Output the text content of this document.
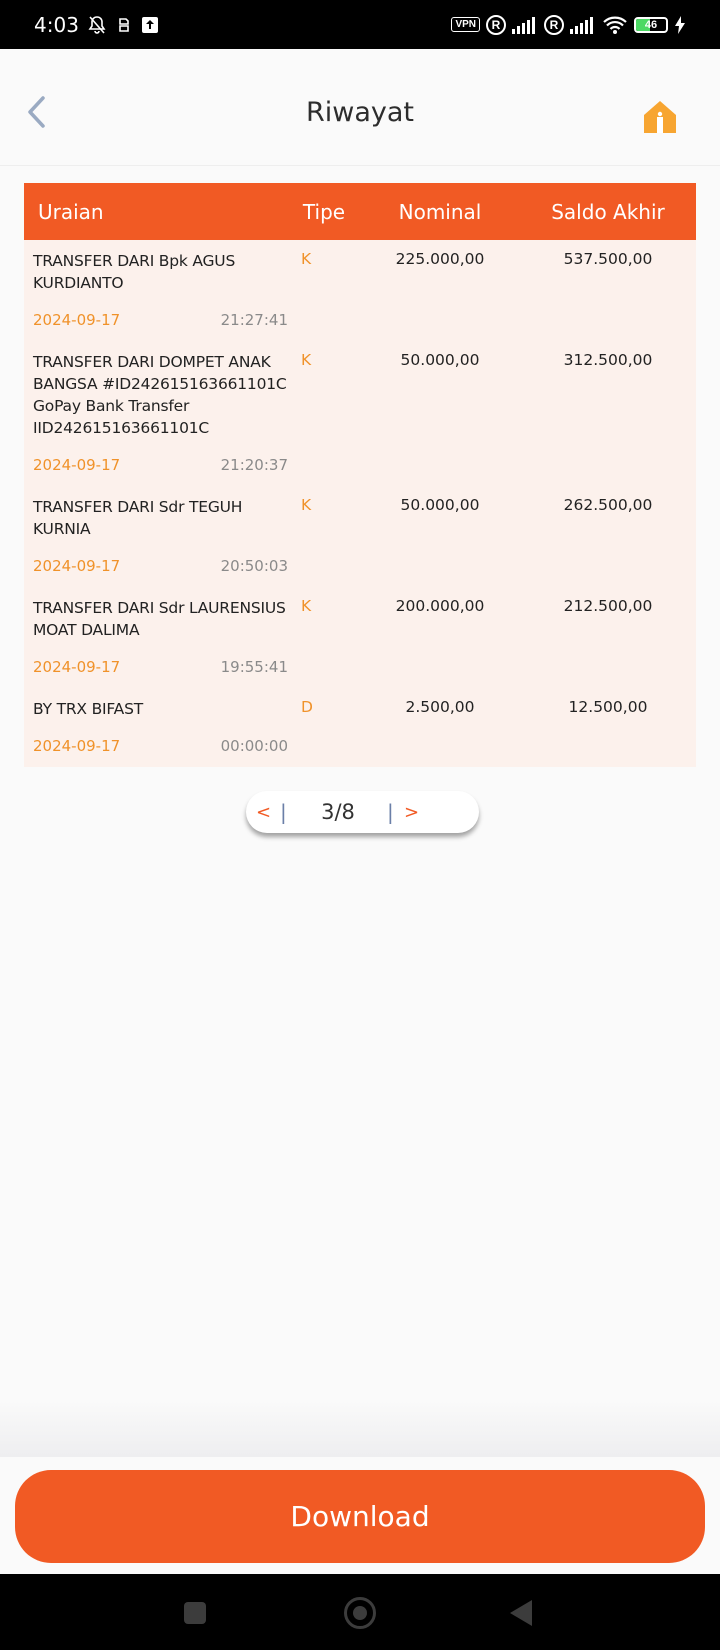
4:03	VPN	R	R	46
Riwayat
Uraian	Tipe	Nominal	Saldo Akhir
TRANSFER DARI Bpk AGUS KURDIANTO
2024-09-17	21:27:41
K	225.000,00	537.500,00
TRANSFER DARI DOMPET ANAK BANGSA #ID242615163661101C GoPay Bank Transfer IID242615163661101C
2024-09-17	21:20:37
K	50.000,00	312.500,00
TRANSFER DARI Sdr TEGUH KURNIA
2024-09-17	20:50:03
K	50.000,00	262.500,00
TRANSFER DARI Sdr LAURENSIUS MOAT DALIMA
2024-09-17	19:55:41
K	200.000,00	212.500,00
BY TRX BIFAST
2024-09-17	00:00:00
D	2.500,00	12.500,00
< |	3/8	| >
Download
